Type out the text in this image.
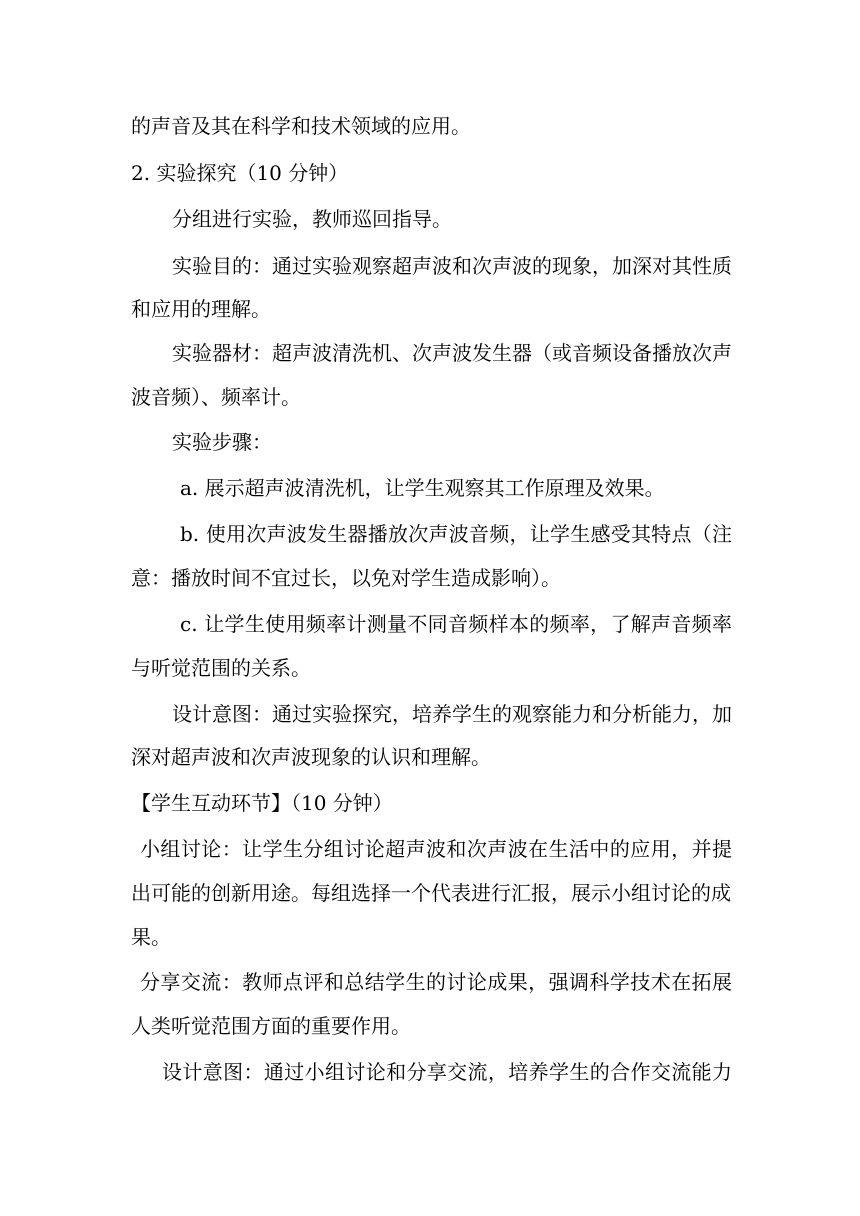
的声音及其在科学和技术领域的应用。
2. 实验探究（10 分钟）
分组进行实验，教师巡回指导。
实验目的：通过实验观察超声波和次声波的现象，加深对其性质
和应用的理解。
实验器材：超声波清洗机、次声波发生器（或音频设备播放次声
波音频）、频率计。
实验步骤：
a. 展示超声波清洗机，让学生观察其工作原理及效果。
b. 使用次声波发生器播放次声波音频，让学生感受其特点（注
意：播放时间不宜过长，以免对学生造成影响）。
c. 让学生使用频率计测量不同音频样本的频率，了解声音频率
与听觉范围的关系。
设计意图：通过实验探究，培养学生的观察能力和分析能力，加
深对超声波和次声波现象的认识和理解。
【学生互动环节】（10 分钟）
小组讨论：让学生分组讨论超声波和次声波在生活中的应用，并提
出可能的创新用途。每组选择一个代表进行汇报，展示小组讨论的成
果。
分享交流：教师点评和总结学生的讨论成果，强调科学技术在拓展
人类听觉范围方面的重要作用。
设计意图：通过小组讨论和分享交流，培养学生的合作交流能力
